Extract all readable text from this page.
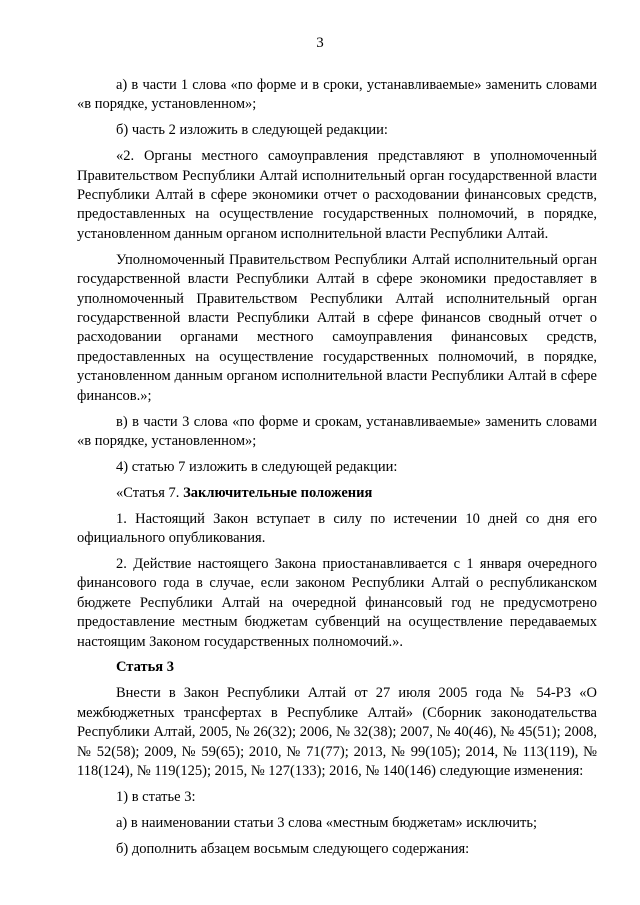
3

а) в части 1 слова «по форме и в сроки, устанавливаемые» заменить словами «в порядке, установленном»;

б) часть 2 изложить в следующей редакции:

«2. Органы местного самоуправления представляют в уполномоченный Правительством Республики Алтай исполнительный орган государственной власти Республики Алтай в сфере экономики отчет о расходовании финансовых средств, предоставленных на осуществление государственных полномочий, в порядке, установленном данным органом исполнительной власти Республики Алтай.

Уполномоченный Правительством Республики Алтай исполнительный орган государственной власти Республики Алтай в сфере экономики предоставляет в уполномоченный Правительством Республики Алтай исполнительный орган государственной власти Республики Алтай в сфере финансов сводный отчет о расходовании органами местного самоуправления финансовых средств, предоставленных на осуществление государственных полномочий, в порядке, установленном данным органом исполнительной власти Республики Алтай в сфере финансов.»;

в) в части 3 слова «по форме и срокам, устанавливаемые» заменить словами «в порядке, установленном»;

4) статью 7 изложить в следующей редакции:

«Статья 7. Заключительные положения

1. Настоящий Закон вступает в силу по истечении 10 дней со дня его официального опубликования.

2. Действие настоящего Закона приостанавливается с 1 января очередного финансового года в случае, если законом Республики Алтай о республиканском бюджете Республики Алтай на очередной финансовый год не предусмотрено предоставление местным бюджетам субвенций на осуществление передаваемых настоящим Законом государственных полномочий.».

Статья 3

Внести в Закон Республики Алтай от 27 июля 2005 года № 54-РЗ «О межбюджетных трансфертах в Республике Алтай» (Сборник законодательства Республики Алтай, 2005, № 26(32); 2006, № 32(38); 2007, № 40(46), № 45(51); 2008, № 52(58); 2009, № 59(65); 2010, № 71(77); 2013, № 99(105); 2014, № 113(119), № 118(124), № 119(125); 2015, № 127(133); 2016, № 140(146) следующие изменения:

1) в статье 3:

а) в наименовании статьи 3 слова «местным бюджетам» исключить;

б) дополнить абзацем восьмым следующего содержания:
